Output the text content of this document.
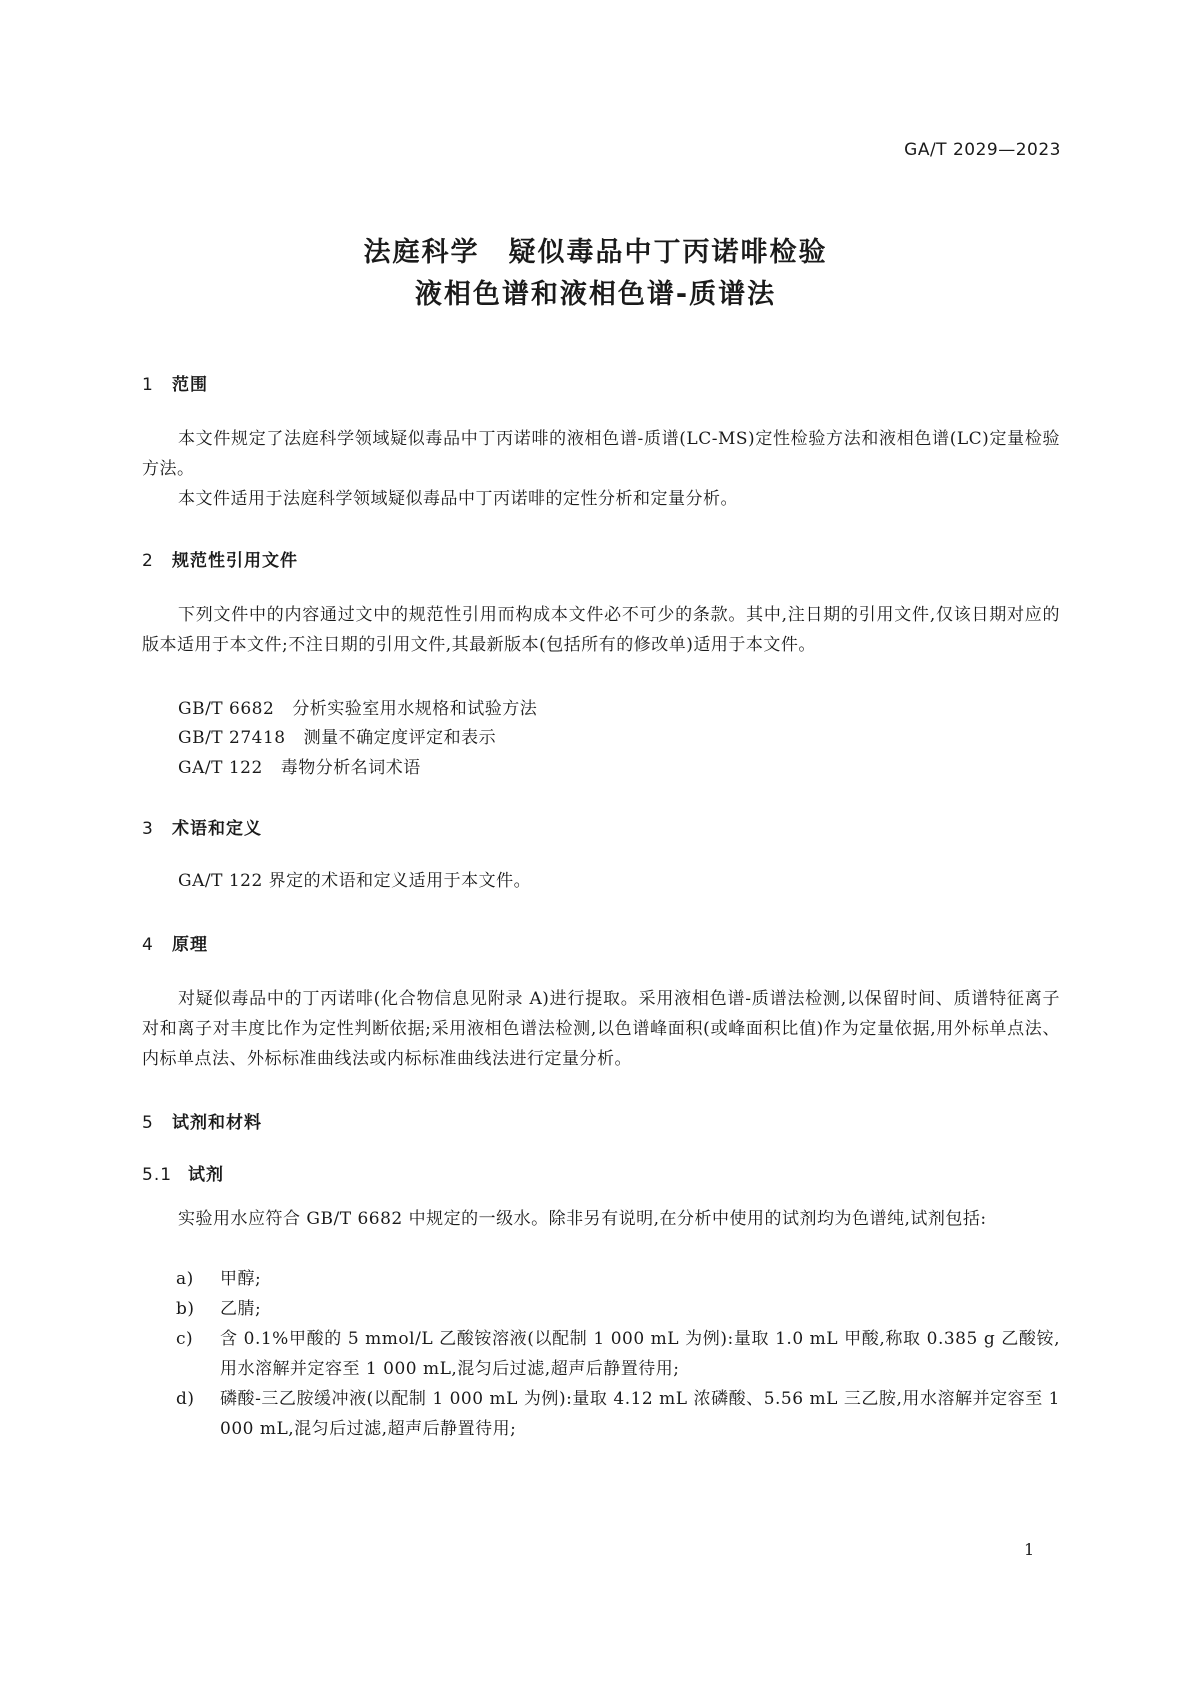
GA/T 2029—2023
法庭科学　疑似毒品中丁丙诺啡检验
液相色谱和液相色谱-质谱法
1 范围
本文件规定了法庭科学领域疑似毒品中丁丙诺啡的液相色谱-质谱(LC-MS)定性检验方法和液相色谱(LC)定量检验方法。
本文件适用于法庭科学领域疑似毒品中丁丙诺啡的定性分析和定量分析。
2 规范性引用文件
下列文件中的内容通过文中的规范性引用而构成本文件必不可少的条款。其中,注日期的引用文件,仅该日期对应的版本适用于本文件;不注日期的引用文件,其最新版本(包括所有的修改单)适用于本文件。
GB/T 6682 分析实验室用水规格和试验方法
GB/T 27418 测量不确定度评定和表示
GA/T 122 毒物分析名词术语
3 术语和定义
GA/T 122 界定的术语和定义适用于本文件。
4 原理
对疑似毒品中的丁丙诺啡(化合物信息见附录 A)进行提取。采用液相色谱-质谱法检测,以保留时间、质谱特征离子对和离子对丰度比作为定性判断依据;采用液相色谱法检测,以色谱峰面积(或峰面积比值)作为定量依据,用外标单点法、内标单点法、外标标准曲线法或内标标准曲线法进行定量分析。
5 试剂和材料
5.1 试剂
实验用水应符合 GB/T 6682 中规定的一级水。除非另有说明,在分析中使用的试剂均为色谱纯,试剂包括:
a)	甲醇;
b)	乙腈;
c)	含 0.1%甲酸的 5 mmol/L 乙酸铵溶液(以配制 1 000 mL 为例):量取 1.0 mL 甲酸,称取 0.385 g 乙酸铵,用水溶解并定容至 1 000 mL,混匀后过滤,超声后静置待用;
d)	磷酸-三乙胺缓冲液(以配制 1 000 mL 为例):量取 4.12 mL 浓磷酸、5.56 mL 三乙胺,用水溶解并定容至 1 000 mL,混匀后过滤,超声后静置待用;
1
